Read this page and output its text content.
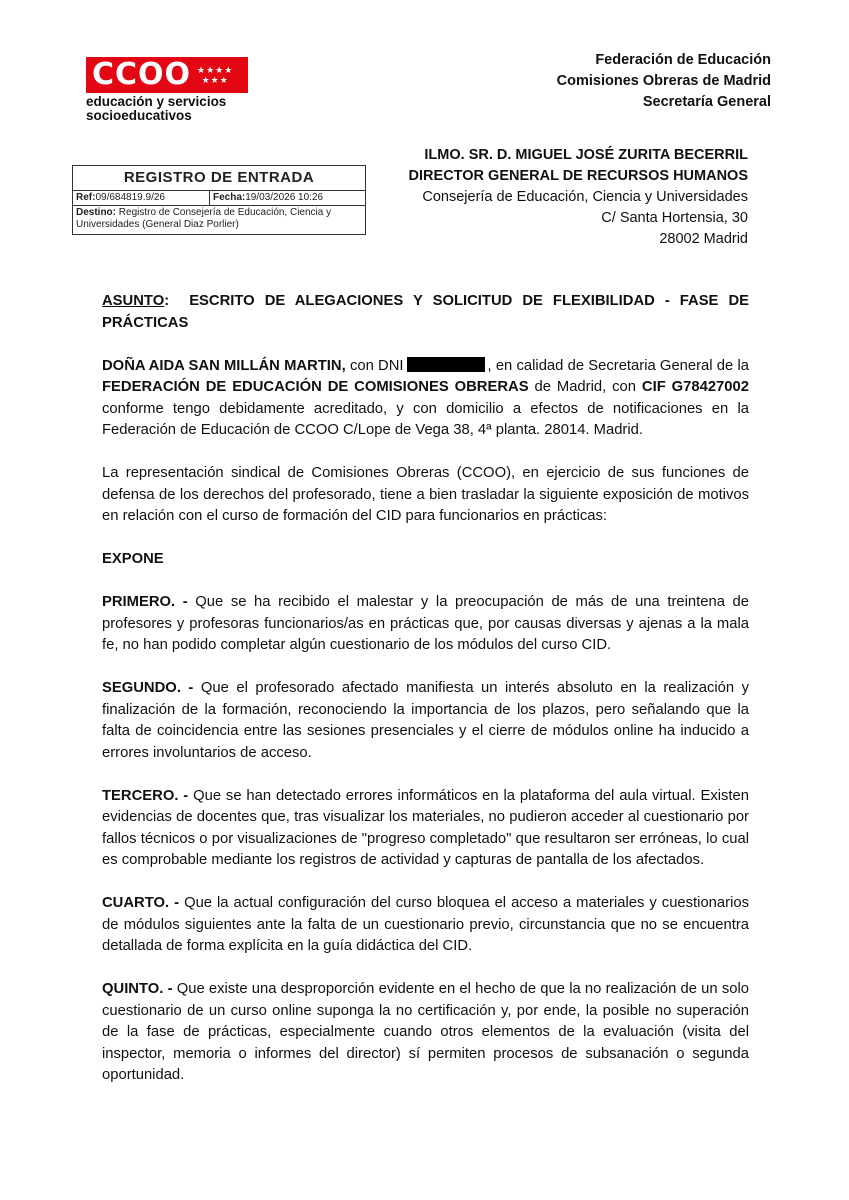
CCOO ★★★★
★★★
educación y servicios
socioeducativos
Federación de Educación
Comisiones Obreras de Madrid
Secretaría General
REGISTRO DE ENTRADA
Ref:09/684819.9/26	Fecha:19/03/2026 10:26
Destino: Registro de Consejería de Educación, Ciencia y Universidades (General Diaz Porlier)
ILMO. SR. D. MIGUEL JOSÉ ZURITA BECERRIL
DIRECTOR GENERAL DE RECURSOS HUMANOS
Consejería de Educación, Ciencia y Universidades
C/ Santa Hortensia, 30
28002 Madrid

ASUNTO: ESCRITO DE ALEGACIONES Y SOLICITUD DE FLEXIBILIDAD - FASE DE PRÁCTICAS

DOÑA AIDA SAN MILLÁN MARTIN, con DNI	, en calidad de Secretaria General de la FEDERACIÓN DE EDUCACIÓN DE COMISIONES OBRERAS de Madrid, con CIF G78427002 conforme tengo debidamente acreditado, y con domicilio a efectos de notificaciones en la Federación de Educación de CCOO C/Lope de Vega 38, 4ª planta. 28014. Madrid.

La representación sindical de Comisiones Obreras (CCOO), en ejercicio de sus funciones de defensa de los derechos del profesorado, tiene a bien trasladar la siguiente exposición de motivos en relación con el curso de formación del CID para funcionarios en prácticas:

EXPONE

PRIMERO. - Que se ha recibido el malestar y la preocupación de más de una treintena de profesores y profesoras funcionarios/as en prácticas que, por causas diversas y ajenas a la mala fe, no han podido completar algún cuestionario de los módulos del curso CID.

SEGUNDO. - Que el profesorado afectado manifiesta un interés absoluto en la realización y finalización de la formación, reconociendo la importancia de los plazos, pero señalando que la falta de coincidencia entre las sesiones presenciales y el cierre de módulos online ha inducido a errores involuntarios de acceso.

TERCERO. - Que se han detectado errores informáticos en la plataforma del aula virtual. Existen evidencias de docentes que, tras visualizar los materiales, no pudieron acceder al cuestionario por fallos técnicos o por visualizaciones de "progreso completado" que resultaron ser erróneas, lo cual es comprobable mediante los registros de actividad y capturas de pantalla de los afectados.

CUARTO. - Que la actual configuración del curso bloquea el acceso a materiales y cuestionarios de módulos siguientes ante la falta de un cuestionario previo, circunstancia que no se encuentra detallada de forma explícita en la guía didáctica del CID.

QUINTO. - Que existe una desproporción evidente en el hecho de que la no realización de un solo cuestionario de un curso online suponga la no certificación y, por ende, la posible no superación de la fase de prácticas, especialmente cuando otros elementos de la evaluación (visita del inspector, memoria o informes del director) sí permiten procesos de subsanación o segunda oportunidad.
